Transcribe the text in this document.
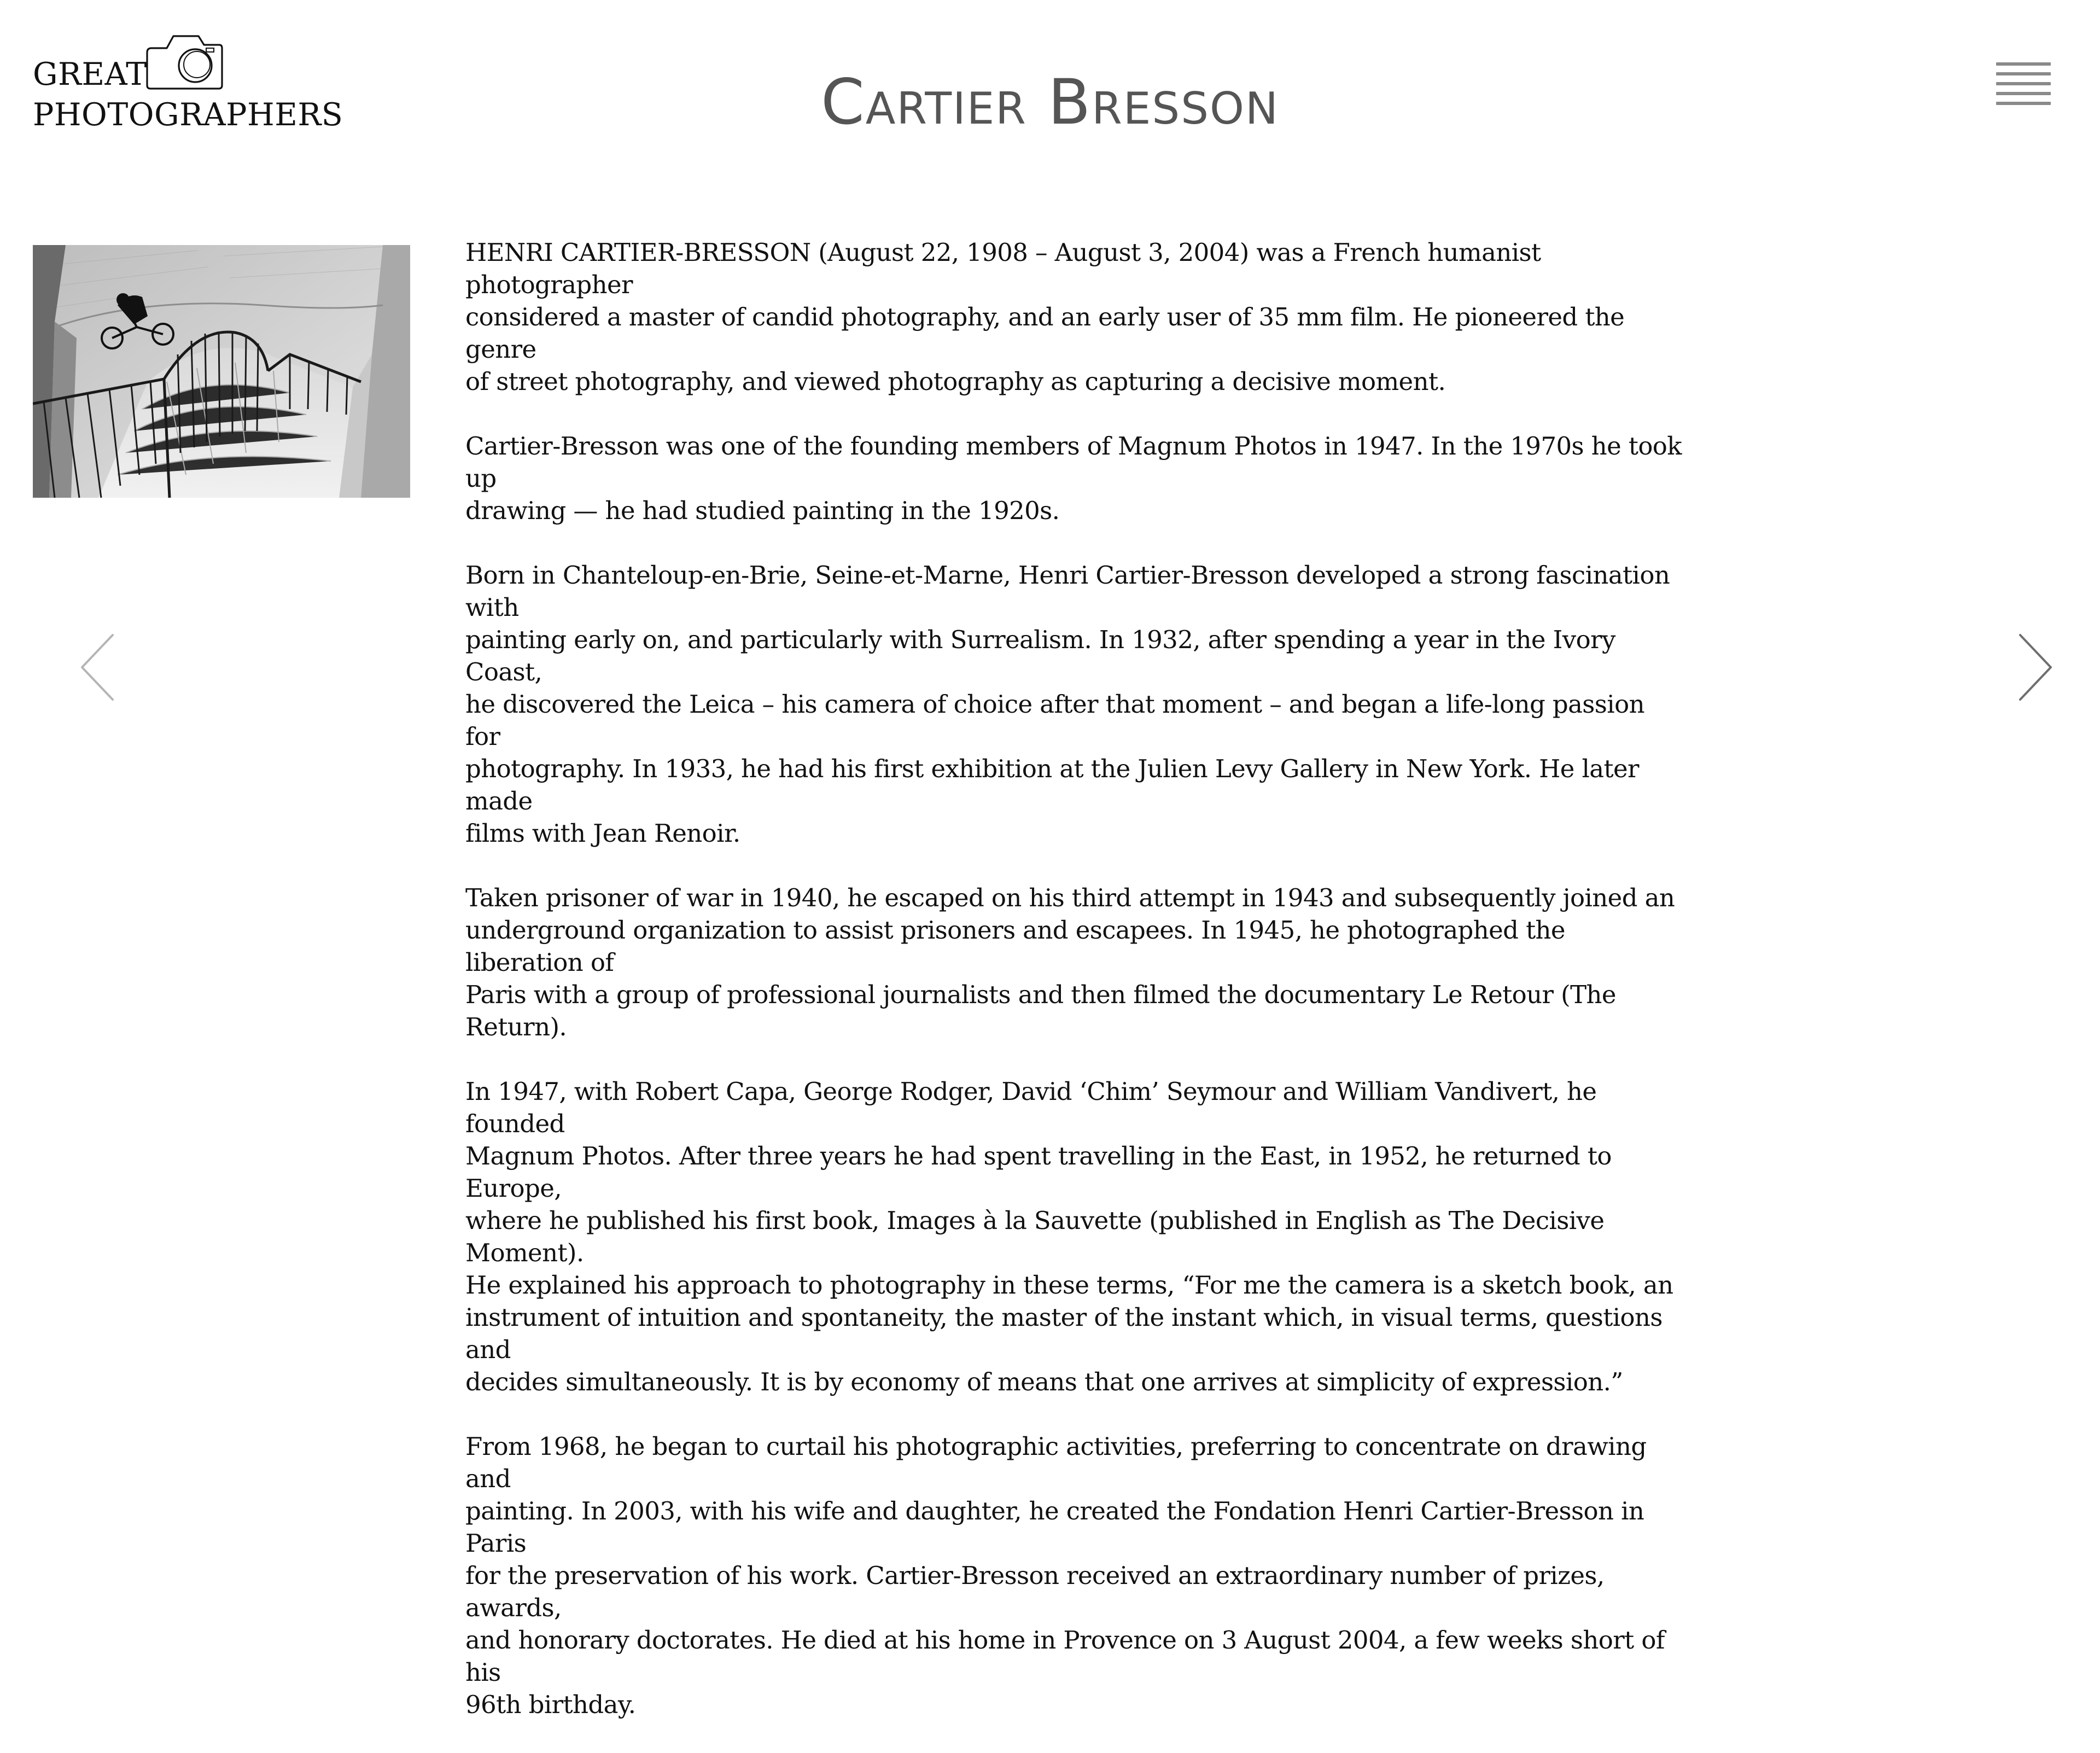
GREAT
PHOTOGRAPHERS	Cartier Bresson

HENRI CARTIER-BRESSON (August 22, 1908 – August 3, 2004) was a French humanist photographer
considered a master of candid photography, and an early user of 35 mm film. He pioneered the genre
of street photography, and viewed photography as capturing a decisive moment.

Cartier-Bresson was one of the founding members of Magnum Photos in 1947. In the 1970s he took up
drawing — he had studied painting in the 1920s.

Born in Chanteloup-en-Brie, Seine-et-Marne, Henri Cartier-Bresson developed a strong fascination with
painting early on, and particularly with Surrealism. In 1932, after spending a year in the Ivory Coast,
he discovered the Leica – his camera of choice after that moment – and began a life-long passion for
photography. In 1933, he had his first exhibition at the Julien Levy Gallery in New York. He later made
films with Jean Renoir.

Taken prisoner of war in 1940, he escaped on his third attempt in 1943 and subsequently joined an
underground organization to assist prisoners and escapees. In 1945, he photographed the liberation of
Paris with a group of professional journalists and then filmed the documentary Le Retour (The Return).

In 1947, with Robert Capa, George Rodger, David ‘Chim’ Seymour and William Vandivert, he founded
Magnum Photos. After three years he had spent travelling in the East, in 1952, he returned to Europe,
where he published his first book, Images à la Sauvette (published in English as The Decisive Moment).
He explained his approach to photography in these terms, “For me the camera is a sketch book, an
instrument of intuition and spontaneity, the master of the instant which, in visual terms, questions and
decides simultaneously. It is by economy of means that one arrives at simplicity of expression.”

From 1968, he began to curtail his photographic activities, preferring to concentrate on drawing and
painting. In 2003, with his wife and daughter, he created the Fondation Henri Cartier-Bresson in Paris
for the preservation of his work. Cartier-Bresson received an extraordinary number of prizes, awards,
and honorary doctorates. He died at his home in Provence on 3 August 2004, a few weeks short of his
96th birthday.
